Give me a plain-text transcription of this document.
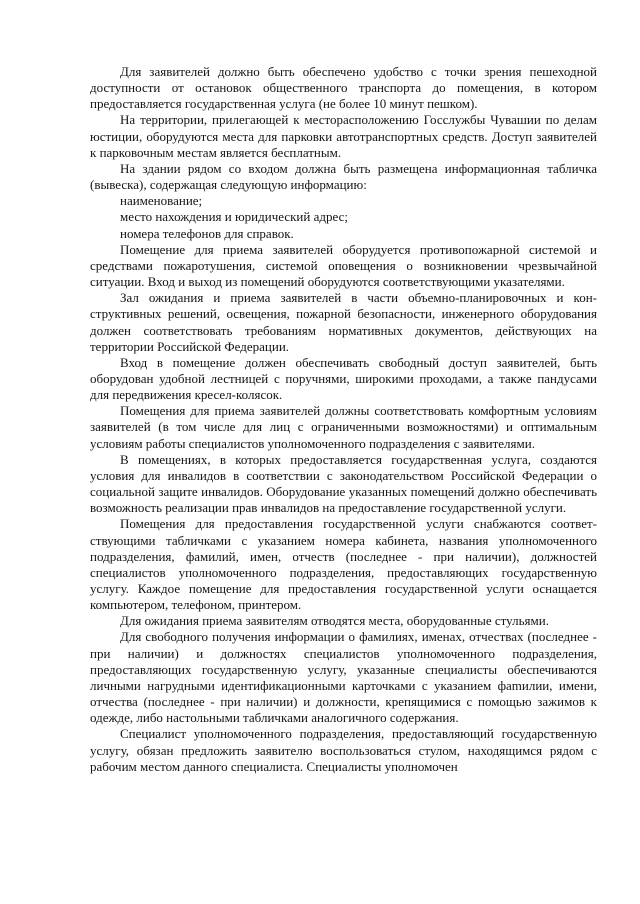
Для заявителей должно быть обеспечено удобство с точки зрения пешеходной доступности от остановок общественного транспорта до помещения, в котором предоставляется государственная услуга (не более 10 минут пешком).

На территории, прилегающей к месторасположению Госслужбы Чувашии по делам юстиции, оборудуются места для парковки автотранспортных средств. Доступ заявителей к парковочным местам является бесплатным.

На здании рядом со входом должна быть размещена информационная табличка (вывеска), содержащая следующую информацию:

наименование;

место нахождения и юридический адрес;

номера телефонов для справок.

Помещение для приема заявителей оборудуется противопожарной системой и средствами пожаротушения, системой оповещения о возникновении чрезвычайной ситуации. Вход и выход из помещений оборудуются соответствующими указателями.

Зал ожидания и приема заявителей в части объемно-планировочных и конструктивных решений, освещения, пожарной безопасности, инженерного оборудования должен соответствовать требованиям нормативных документов, действующих на территории Российской Федерации.

Вход в помещение должен обеспечивать свободный доступ заявителей, быть оборудован удобной лестницей с поручнями, широкими проходами, а также пандусами для передвижения кресел-колясок.

Помещения для приема заявителей должны соответствовать комфортным условиям заявителей (в том числе для лиц с ограниченными возможностями) и оптимальным условиям работы специалистов уполномоченного подразделения с заявителями.

В помещениях, в которых предоставляется государственная услуга, создаются условия для инвалидов в соответствии с законодательством Российской Федерации о социальной защите инвалидов. Оборудование указанных помещений должно обеспечивать возможность реализации прав инвалидов на предоставление государственной услуги.

Помещения для предоставления государственной услуги снабжаются соответствующими табличками с указанием номера кабинета, названия уполномоченного подразделения, фамилий, имен, отчеств (последнее - при наличии), должностей специалистов уполномоченного подразделения, предоставляющих государственную услугу. Каждое помещение для предоставления государственной услуги оснащается компьютером, телефоном, принтером.

Для ожидания приема заявителям отводятся места, оборудованные стульями.

Для свободного получения информации о фамилиях, именах, отчествах (последнее - при наличии) и должностях специалистов уполномоченного подразделения, предоставляющих государственную услугу, указанные специалисты обеспечиваются личными нагрудными идентификационными карточками с указанием фаmилии, имени, отчества (последнее - при наличии) и должности, крепящимися с помощью зажимов к одежде, либо настольными табличками аналогичного содержания.

Специалист уполномоченного подразделения, предоставляющий государственную услугу, обязан предложить заявителю воспользоваться стулом, находящимся рядом с рабочим местом данного специалиста. Специалисты уполномочен
